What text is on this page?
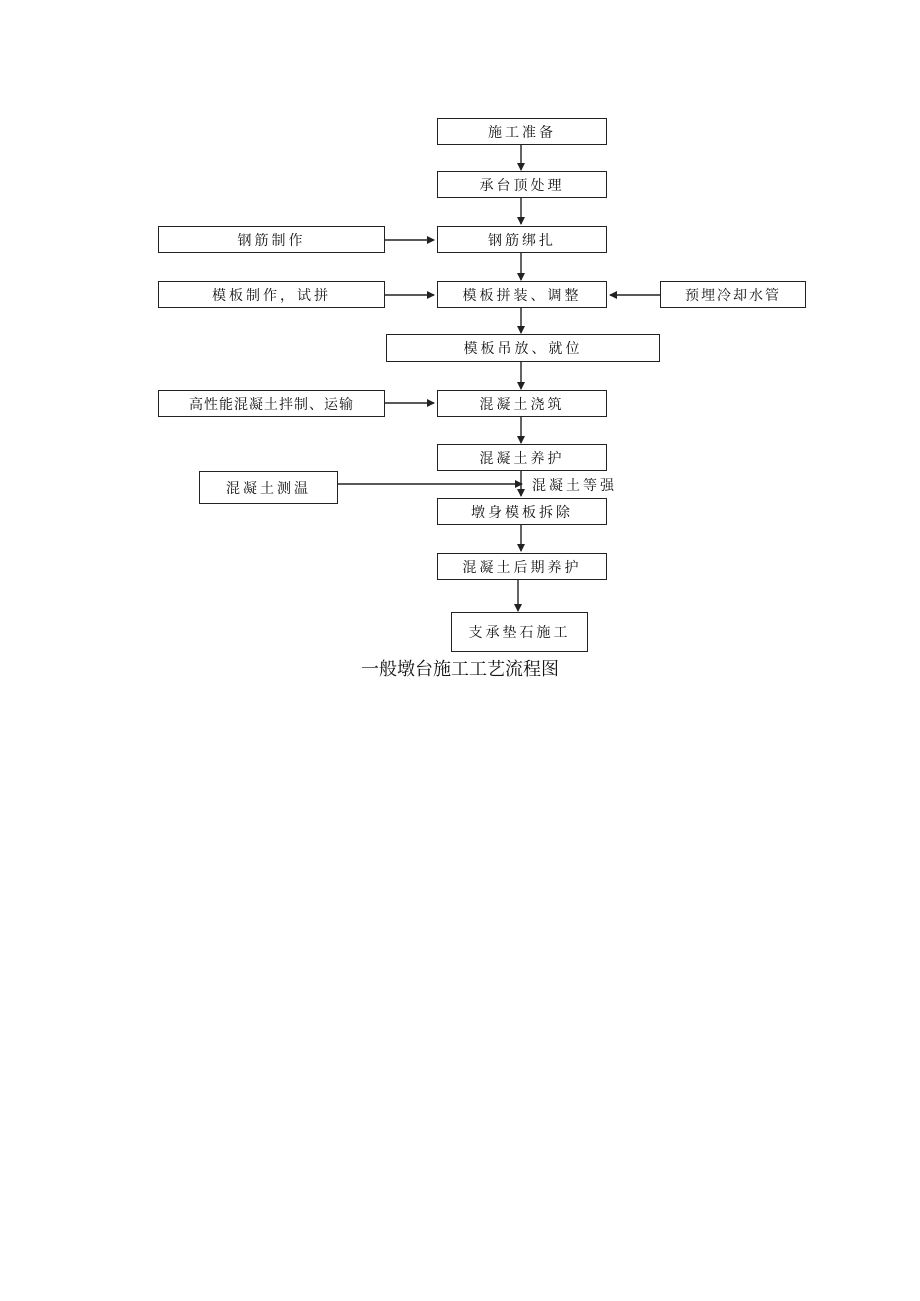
施工准备
承台顶处理
钢筋绑扎
模板拼装、调整
模板吊放、就位
混凝土浇筑
混凝土养护
混凝土等强
墩身模板拆除
混凝土后期养护
支承垫石施工
钢筋制作
模板制作，试拼
高性能混凝土拌制、运输
混凝土测温
预埋冷却水管
一般墩台施工工艺流程图
